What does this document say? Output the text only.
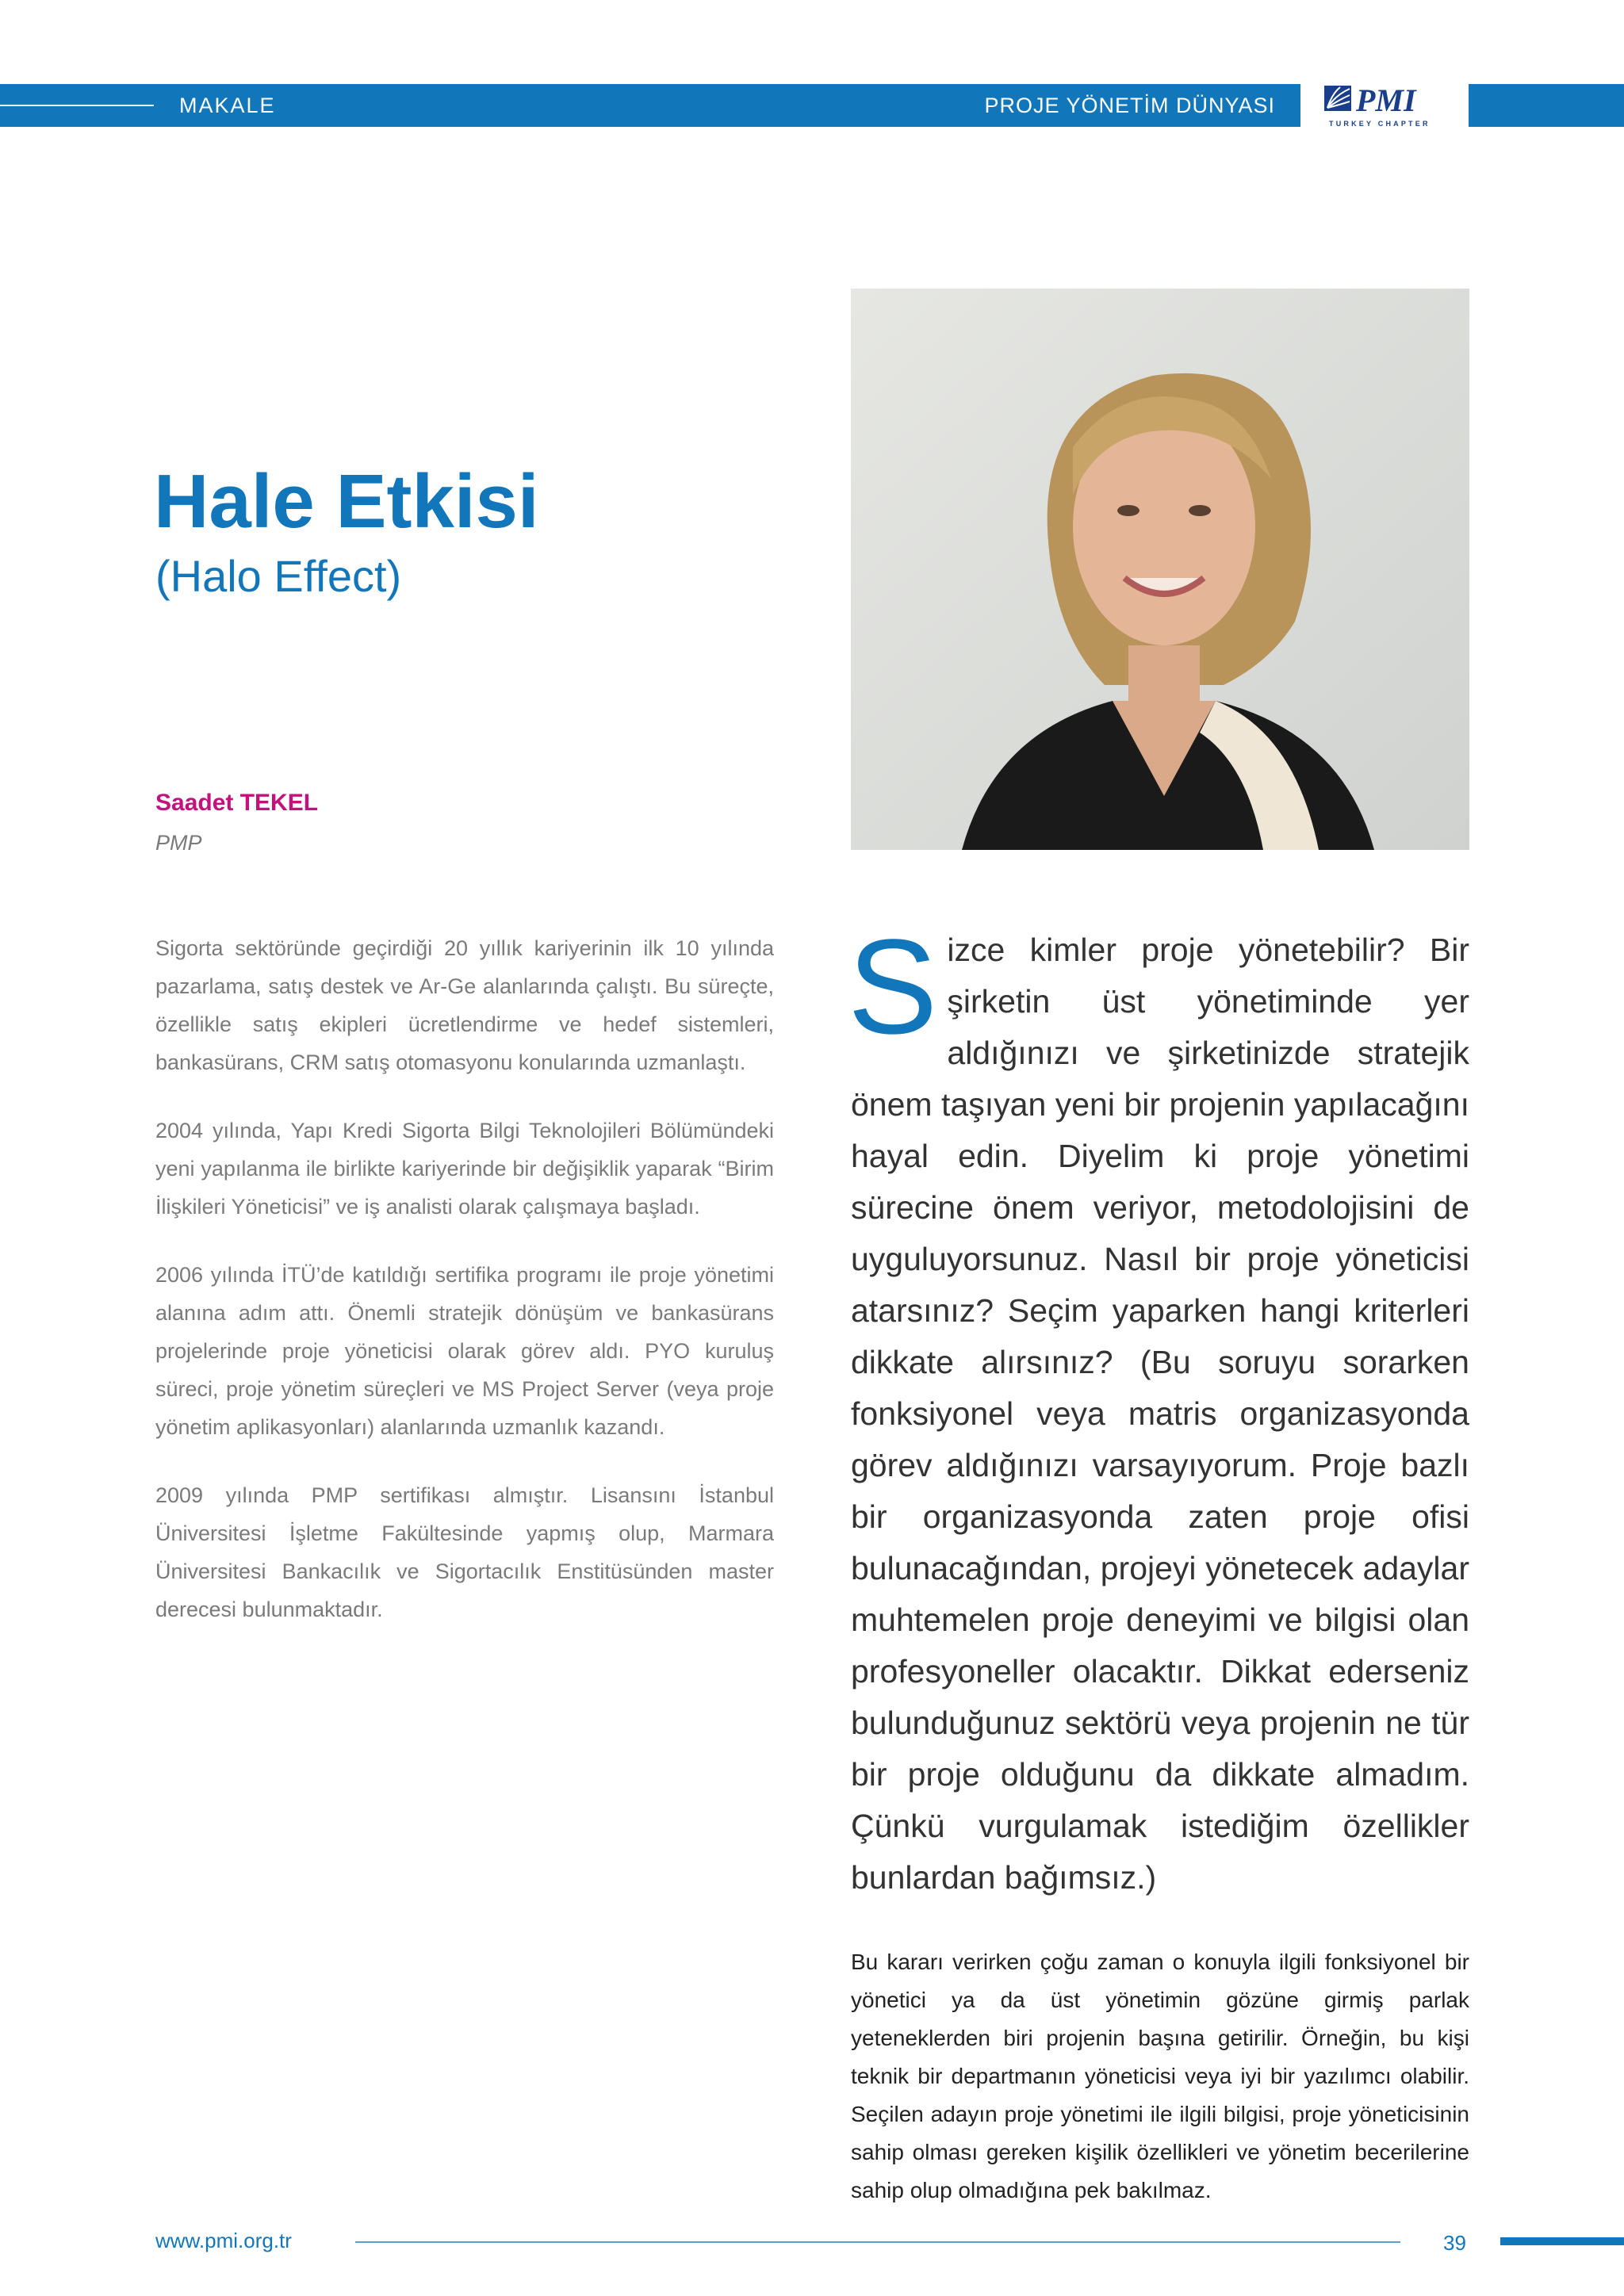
MAKALE	PROJE YÖNETİM DÜNYASI	PMI
TURKEY CHAPTER
Hale Etkisi
(Halo Effect)
Saadet TEKEL
PMP

Sigorta sektöründe geçirdiği 20 yıllık kariyerinin ilk 10 yılında pazarlama, satış destek ve Ar-Ge alanlarında çalıştı. Bu süreçte, özellikle satış ekipleri ücretlendirme ve hedef sistemleri, bankasürans, CRM satış otomasyonu konularında uzmanlaştı.

2004 yılında, Yapı Kredi Sigorta Bilgi Teknolojileri Bölümündeki yeni yapılanma ile birlikte kariyerinde bir değişiklik yaparak “Birim İlişkileri Yöneticisi” ve iş analisti olarak çalışmaya başladı.

2006 yılında İTÜ’de katıldığı sertifika programı ile proje yönetimi alanına adım attı. Önemli stratejik dönüşüm ve bankasürans projelerinde proje yöneticisi olarak görev aldı. PYO kuruluş süreci, proje yönetim süreçleri ve MS Project Server (veya proje yönetim aplikasyonları) alanlarında uzmanlık kazandı.

2009 yılında PMP sertifikası almıştır. Lisansını İstanbul Üniversitesi İşletme Fakültesinde yapmış olup, Marmara Üniversitesi Bankacılık ve Sigortacılık Enstitüsünden master derecesi bulunmaktadır.

Sizce kimler proje yönetebilir? Bir şirketin üst yönetiminde yer aldığınızı ve şirketinizde stratejik önem taşıyan yeni bir projenin yapılacağını hayal edin. Diyelim ki proje yönetimi sürecine önem veriyor, metodolojisini de uyguluyorsunuz. Nasıl bir proje yöneticisi atarsınız? Seçim yaparken hangi kriterleri dikkate alırsınız? (Bu soruyu sorarken fonksiyonel veya matris organizasyonda görev aldığınızı varsayıyorum. Proje bazlı bir organizasyonda zaten proje ofisi bulunacağından, projeyi yönetecek adaylar muhtemelen proje deneyimi ve bilgisi olan profesyoneller olacaktır. Dikkat ederseniz bulunduğunuz sektörü veya projenin ne tür bir proje olduğunu da dikkate almadım. Çünkü vurgulamak istediğim özellikler bunlardan bağımsız.)

Bu kararı verirken çoğu zaman o konuyla ilgili fonksiyonel bir yönetici ya da üst yönetimin gözüne girmiş parlak yeteneklerden biri projenin başına getirilir. Örneğin, bu kişi teknik bir departmanın yöneticisi veya iyi bir yazılımcı olabilir. Seçilen adayın proje yönetimi ile ilgili bilgisi, proje yöneticisinin sahip olması gereken kişilik özellikleri ve yönetim becerilerine sahip olup olmadığına pek bakılmaz.

www.pmi.org.tr	39
